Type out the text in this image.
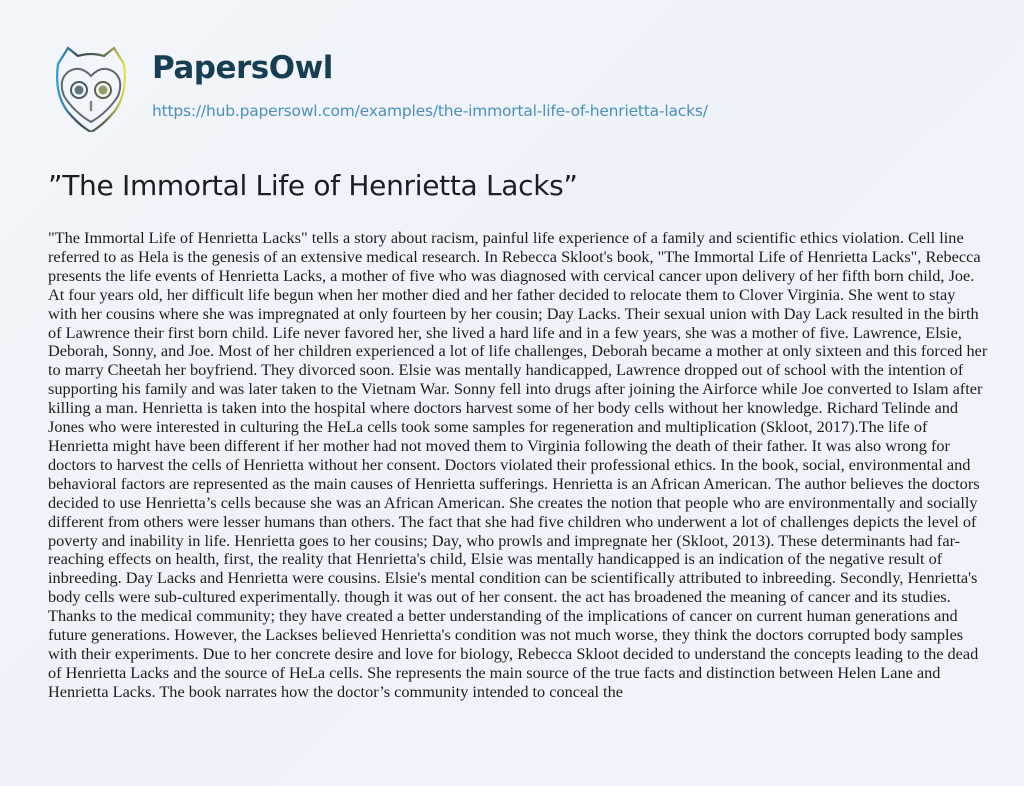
PapersOwl
https://hub.papersowl.com/examples/the-immortal-life-of-henrietta-lacks/
”The Immortal Life of Henrietta Lacks”

"The Immortal Life of Henrietta Lacks" tells a story about racism, painful life experience of a family and scientific ethics violation. Cell line referred to as Hela is the genesis of an extensive medical research. In Rebecca Skloot's book, "The Immortal Life of Henrietta Lacks", Rebecca presents the life events of Henrietta Lacks, a mother of five who was diagnosed with cervical cancer upon delivery of her fifth born child, Joe. At four years old, her difficult life begun when her mother died and her father decided to relocate them to Clover Virginia. She went to stay with her cousins where she was impregnated at only fourteen by her cousin; Day Lacks. Their sexual union with Day Lack resulted in the birth of Lawrence their first born child. Life never favored her, she lived a hard life and in a few years, she was a mother of five. Lawrence, Elsie, Deborah, Sonny, and Joe. Most of her children experienced a lot of life challenges, Deborah became a mother at only sixteen and this forced her to marry Cheetah her boyfriend. They divorced soon. Elsie was mentally handicapped, Lawrence dropped out of school with the intention of supporting his family and was later taken to the Vietnam War. Sonny fell into drugs after joining the Airforce while Joe converted to Islam after killing a man. Henrietta is taken into the hospital where doctors harvest some of her body cells without her knowledge. Richard Telinde and Jones who were interested in culturing the HeLa cells took some samples for regeneration and multiplication (Skloot, 2017).The life of Henrietta might have been different if her mother had not moved them to Virginia following the death of their father. It was also wrong for doctors to harvest the cells of Henrietta without her consent. Doctors violated their professional ethics. In the book, social, environmental and behavioral factors are represented as the main causes of Henrietta sufferings. Henrietta is an African American. The author believes the doctors decided to use Henrietta’s cells because she was an African American. She creates the notion that people who are environmentally and socially different from others were lesser humans than others. The fact that she had five children who underwent a lot of challenges depicts the level of poverty and inability in life. Henrietta goes to her cousins; Day, who prowls and impregnate her (Skloot, 2013). These determinants had far-reaching effects on health, first, the reality that Henrietta's child, Elsie was mentally handicapped is an indication of the negative result of inbreeding. Day Lacks and Henrietta were cousins. Elsie's mental condition can be scientifically attributed to inbreeding. Secondly, Henrietta's body cells were sub-cultured experimentally. though it was out of her consent. the act has broadened the meaning of cancer and its studies. Thanks to the medical community; they have created a better understanding of the implications of cancer on current human generations and future generations. However, the Lackses believed Henrietta's condition was not much worse, they think the doctors corrupted body samples with their experiments. Due to her concrete desire and love for biology, Rebecca Skloot decided to understand the concepts leading to the dead of Henrietta Lacks and the source of HeLa cells. She represents the main source of the true facts and distinction between Helen Lane and Henrietta Lacks. The book narrates how the doctor’s community intended to conceal the
